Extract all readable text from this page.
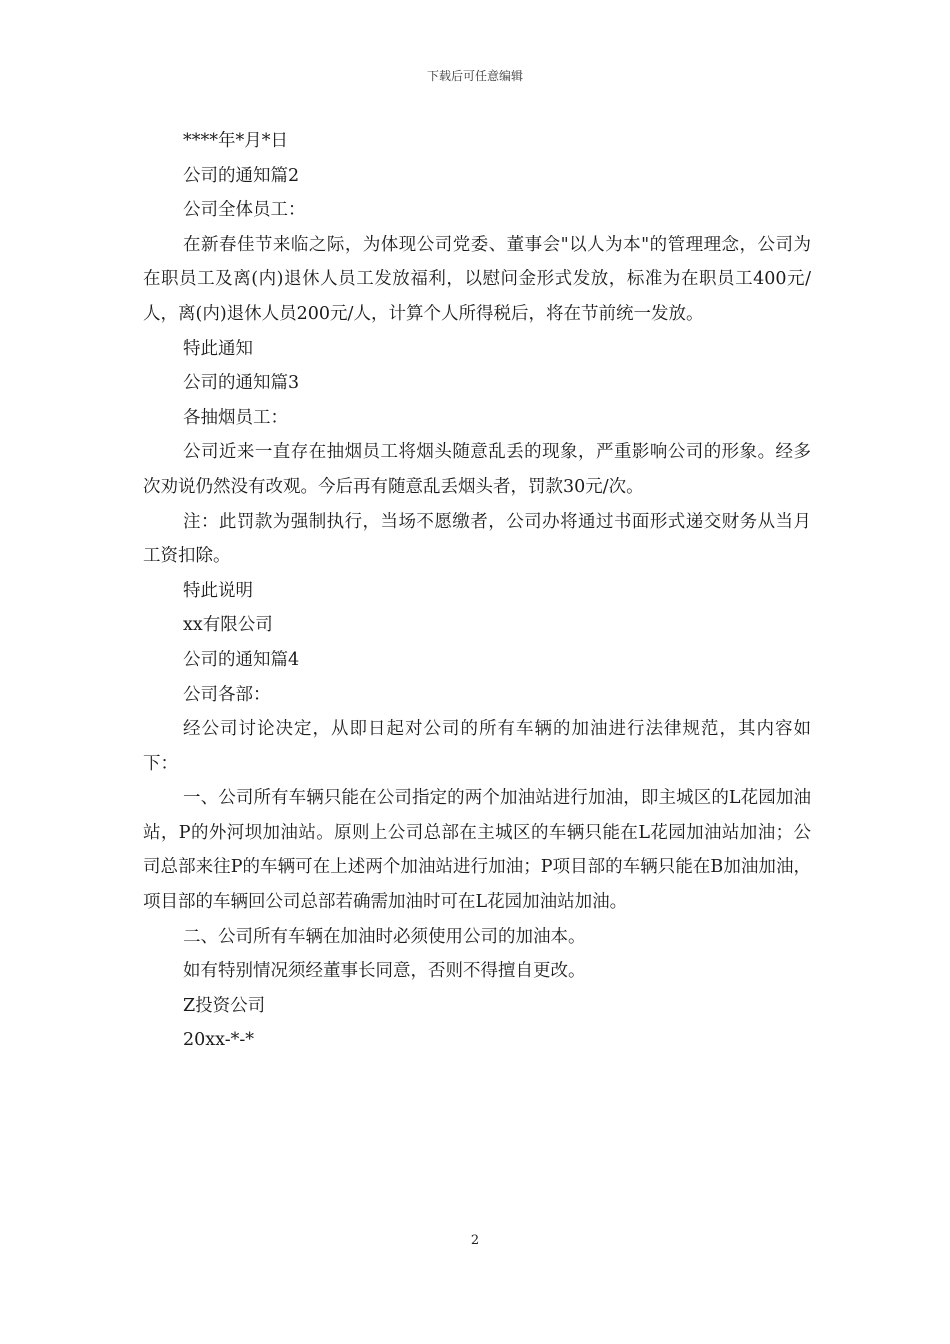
下载后可任意编辑

****年*月*日

公司的通知篇2

公司全体员工：

在新春佳节来临之际，为体现公司党委、董事会"以人为本"的管理理念，公司为在职员工及离(内)退休人员工发放福利，以慰问金形式发放，标准为在职员工400元/人，离(内)退休人员200元/人，计算个人所得税后，将在节前统一发放。

特此通知

公司的通知篇3

各抽烟员工：

公司近来一直存在抽烟员工将烟头随意乱丢的现象，严重影响公司的形象。经多次劝说仍然没有改观。今后再有随意乱丢烟头者，罚款30元/次。

注：此罚款为强制执行，当场不愿缴者，公司办将通过书面形式递交财务从当月工资扣除。

特此说明

xx有限公司

公司的通知篇4

公司各部：

经公司讨论决定，从即日起对公司的所有车辆的加油进行法律规范，其内容如下：

一、公司所有车辆只能在公司指定的两个加油站进行加油，即主城区的L花园加油站，P的外河坝加油站。原则上公司总部在主城区的车辆只能在L花园加油站加油；公司总部来往P的车辆可在上述两个加油站进行加油；P项目部的车辆只能在B加油加油，项目部的车辆回公司总部若确需加油时可在L花园加油站加油。

二、公司所有车辆在加油时必须使用公司的加油本。

如有特别情况须经董事长同意，否则不得擅自更改。

Z投资公司

20xx-*-*

2
